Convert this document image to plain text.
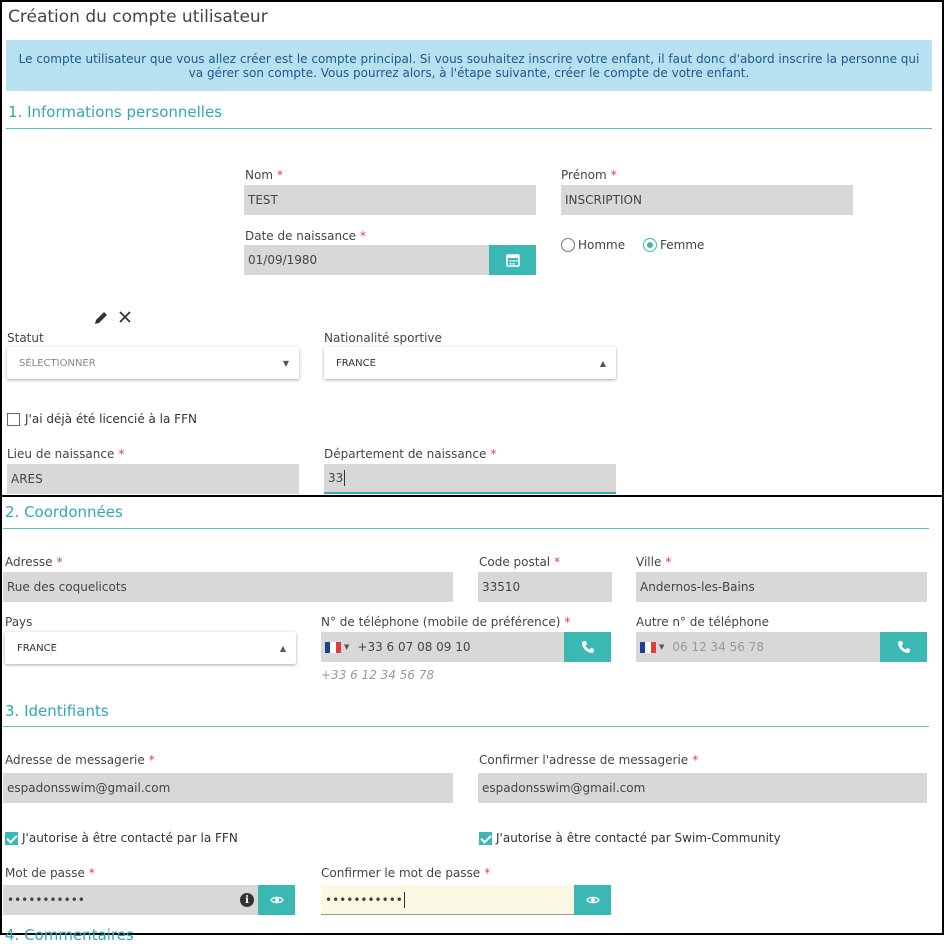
Création du compte utilisateur
Le compte utilisateur que vous allez créer est le compte principal. Si vous souhaitez inscrire votre enfant, il faut donc d'abord inscrire la personne qui va gérer son compte. Vous pourrez alors, à l'étape suivante, créer le compte de votre enfant.
1. Informations personnelles
Nom *
TEST
Prénom *
INSCRIPTION
Date de naissance *
01/09/1980
Homme	Femme
Statut
SÉLECTIONNER	▼
Nationalité sportive
FRANCE	▲
J'ai déjà été licencié à la FFN
Lieu de naissance *
ARES
Département de naissance *
33
2. Coordonnées
Adresse *
Rue des coquelicots
Code postal *
33510
Ville *
Andernos-les-Bains
Pays
FRANCE	▲
N° de téléphone (mobile de préférence) *
▼ +33 6 07 08 09 10
+33 6 12 34 56 78
Autre n° de téléphone
▼ 06 12 34 56 78
3. Identifiants
Adresse de messagerie *
espadonsswim@gmail.com
Confirmer l'adresse de messagerie *
espadonsswim@gmail.com
J'autorise à être contacté par la FFN	J'autorise à être contacté par Swim-Community
Mot de passe *
•••••••••••	i
Confirmer le mot de passe *
•••••••••••
4. Commentaires
